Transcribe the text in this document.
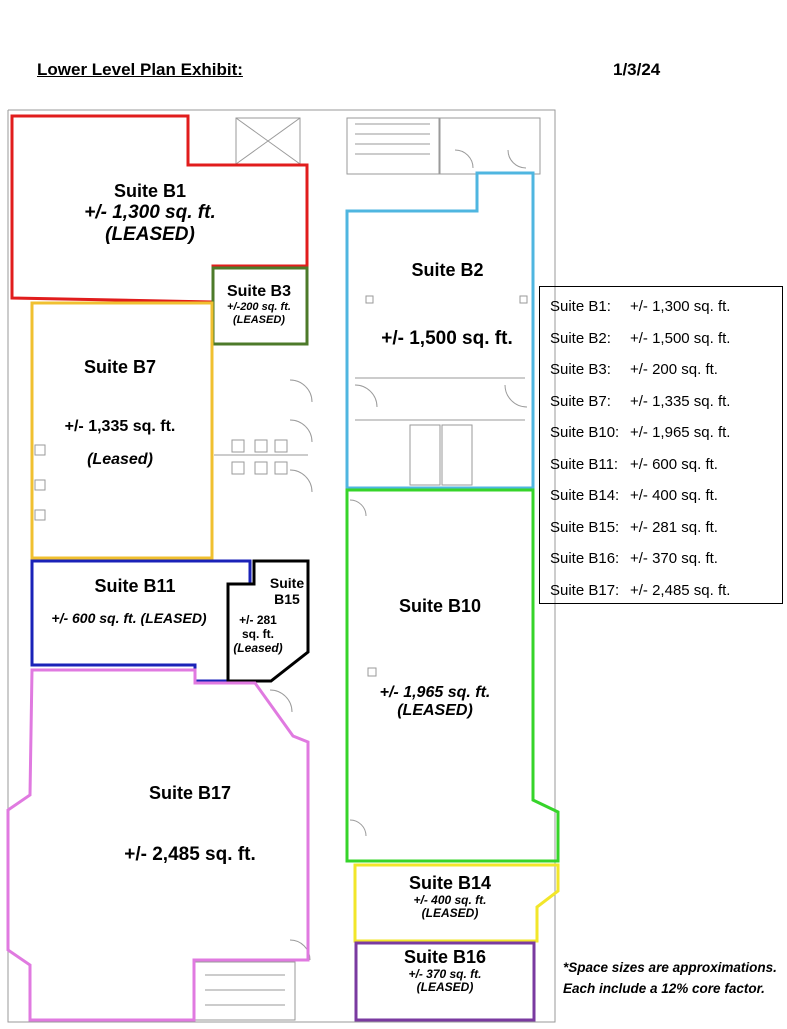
Lower Level Plan Exhibit:	1/3/24
Suite B1
+/- 1,300 sq. ft.
(LEASED)
Suite B2
+/- 1,500 sq. ft.
Suite B3
+/-200 sq. ft.
(LEASED)
Suite B7
+/- 1,335 sq. ft.
(Leased)
Suite B10
+/- 1,965 sq. ft.
(LEASED)
Suite B11
+/- 600 sq. ft. (LEASED)
Suite
B15
+/- 281
sq. ft.
(Leased)
Suite B14
+/- 400 sq. ft.
(LEASED)
Suite B16
+/- 370 sq. ft.
(LEASED)
Suite B17
+/- 2,485 sq. ft.
Suite B1:	+/- 1,300 sq. ft.
Suite B2:	+/- 1,500 sq. ft.
Suite B3:	+/- 200 sq. ft.
Suite B7:	+/- 1,335 sq. ft.
Suite B10: +/- 1,965 sq. ft.
Suite B11: +/- 600 sq. ft.
Suite B14: +/- 400 sq. ft.
Suite B15: +/- 281 sq. ft.
Suite B16: +/- 370 sq. ft.
Suite B17: +/- 2,485 sq. ft.
*Space sizes are approximations.
Each include a 12% core factor.
